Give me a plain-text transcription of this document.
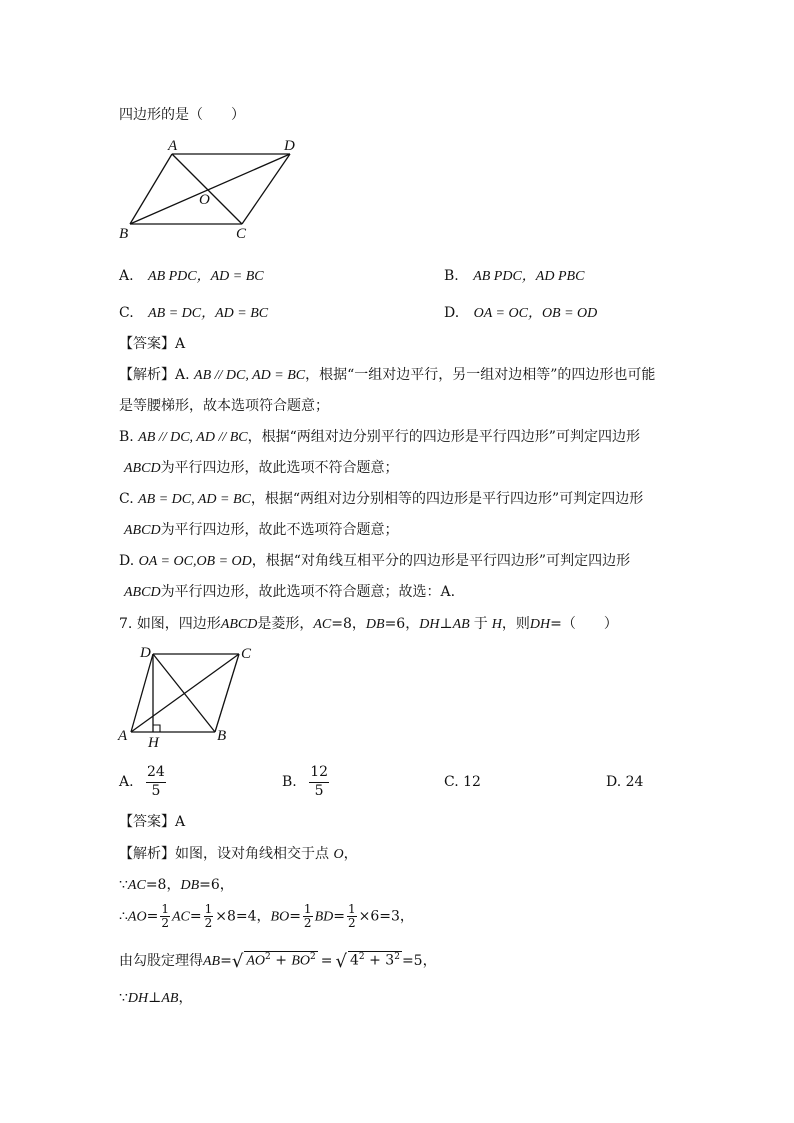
四边形的是（　　）
A	D
O
B	C
A. AB PDC，AD = BC	B. AB PDC，AD PBC
C. AB = DC，AD = BC	D. OA = OC，OB = OD
【答案】A
【解析】A. AB // DC, AD = BC，根据“一组对边平行，另一组对边相等”的四边形也可能
是等腰梯形，故本选项符合题意；
B. AB // DC, AD // BC，根据“两组对边分别平行的四边形是平行四边形”可判定四边形
ABCD为平行四边形，故此选项不符合题意；
C. AB = DC, AD = BC，根据“两组对边分别相等的四边形是平行四边形”可判定四边形
ABCD为平行四边形，故此不选项符合题意；
D. OA = OC,OB = OD，根据“对角线互相平分的四边形是平行四边形”可判定四边形
ABCD为平行四边形，故此选项不符合题意；故选：A.
7. 如图，四边形ABCD是菱形，AC=8，DB=6，DH⊥AB 于 H，则DH=（　　）
D	C
A H	B
A. $\frac{24}{5}$	B. $\frac{12}{5}$	C. 12	D. 24
【答案】A
【解析】如图，设对角线相交于点 O，
∵AC=8，DB=6，
∴AO= $\frac{1}{2} AC= \frac{1}{2} \times 8=4$，$BO= \frac{1}{2} BD= \frac{1}{2} \times 6=3$，
由勾股定理得AB=√ $AO^2 + BO^2$ = √ $4^2 + 3^2 =5$，
∵DH⊥AB，
